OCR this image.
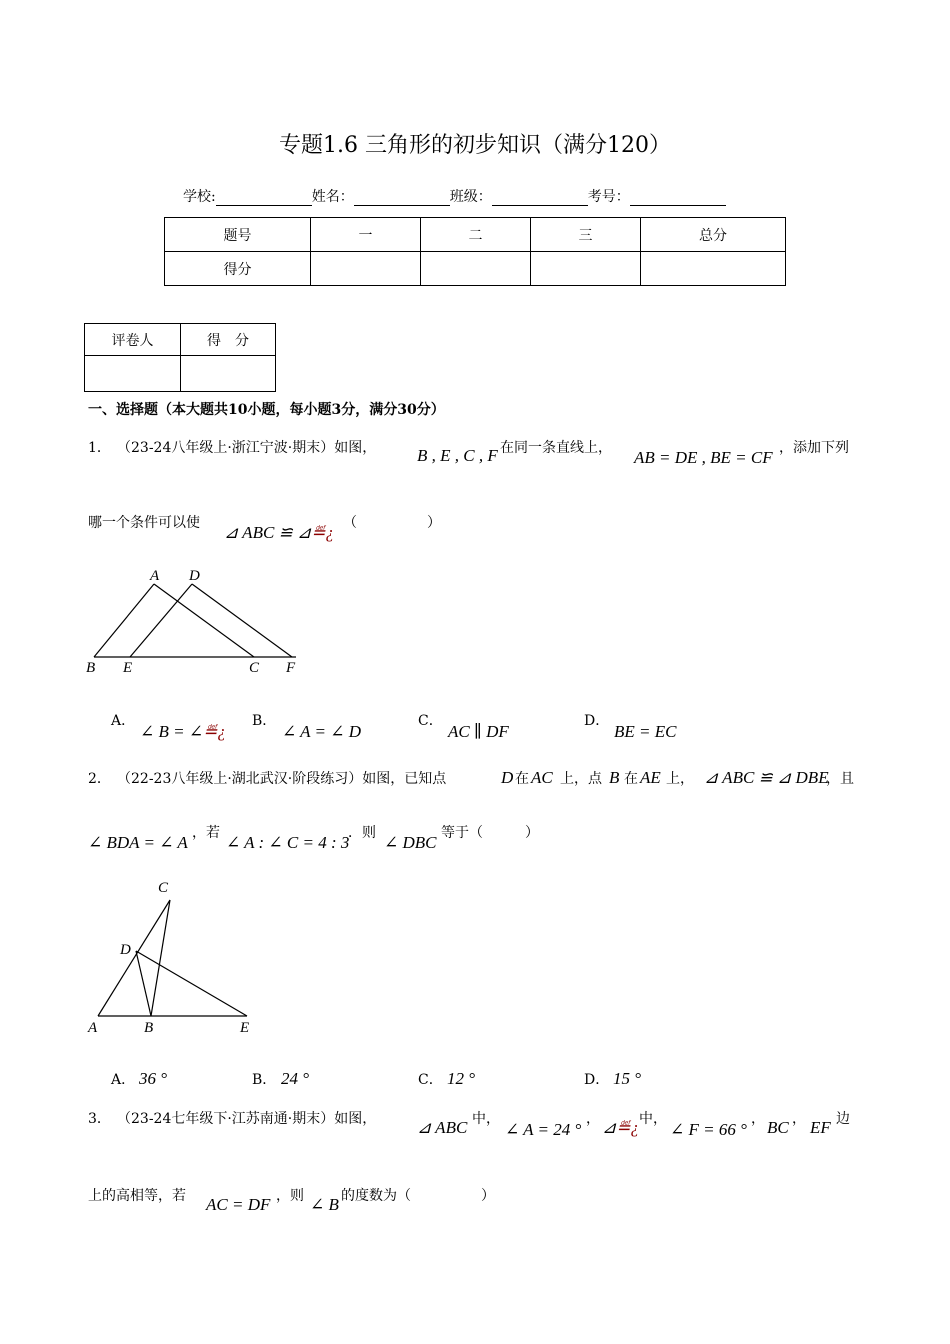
专题1.6 三角形的初步知识（满分120）
学校:	姓名：	班级：	考号：
题号	一	二	三	总分
得分				
评卷人	得　分

一、选择题（本大题共10小题，每小题3分，满分30分）
1． （23-24八年级上·浙江宁波·期末）如图， B , E , C , F 在同一条直线上， AB = DE , BE = CF ，添加下列
哪一个条件可以使 ⊿ ABC ≌ ⊿≝¿ （　　　　　）
A D
B E	C F
A．
∠ B = ∠≝¿
B．
∠ A = ∠ D
C．
AC ∥ DF
D．
BE = EC
2． （22-23八年级上·湖北武汉·阶段练习）如图，已知点	D 在 AC 上，点 B 在 AE 上， ⊿ ABC ≌ ⊿ DBE
，且
∠ BDA = ∠ A ，若 ∠ A : ∠ C = 4 : 3
．则 ∠ DBC 等于（　　　）
C
D
A	B	E
A． 36 °	B． 24 °	C． 12 °	D． 15 °
3． （23-24七年级下·江苏南通·期末）如图， ⊿ ABC 中，
∠ A = 24 °
， ⊿≝¿ 中，
∠ F = 66 °
， BC ， EF 边
上的高相等，若 AC = DF ，则 ∠ B 的度数为（　　　　　）
